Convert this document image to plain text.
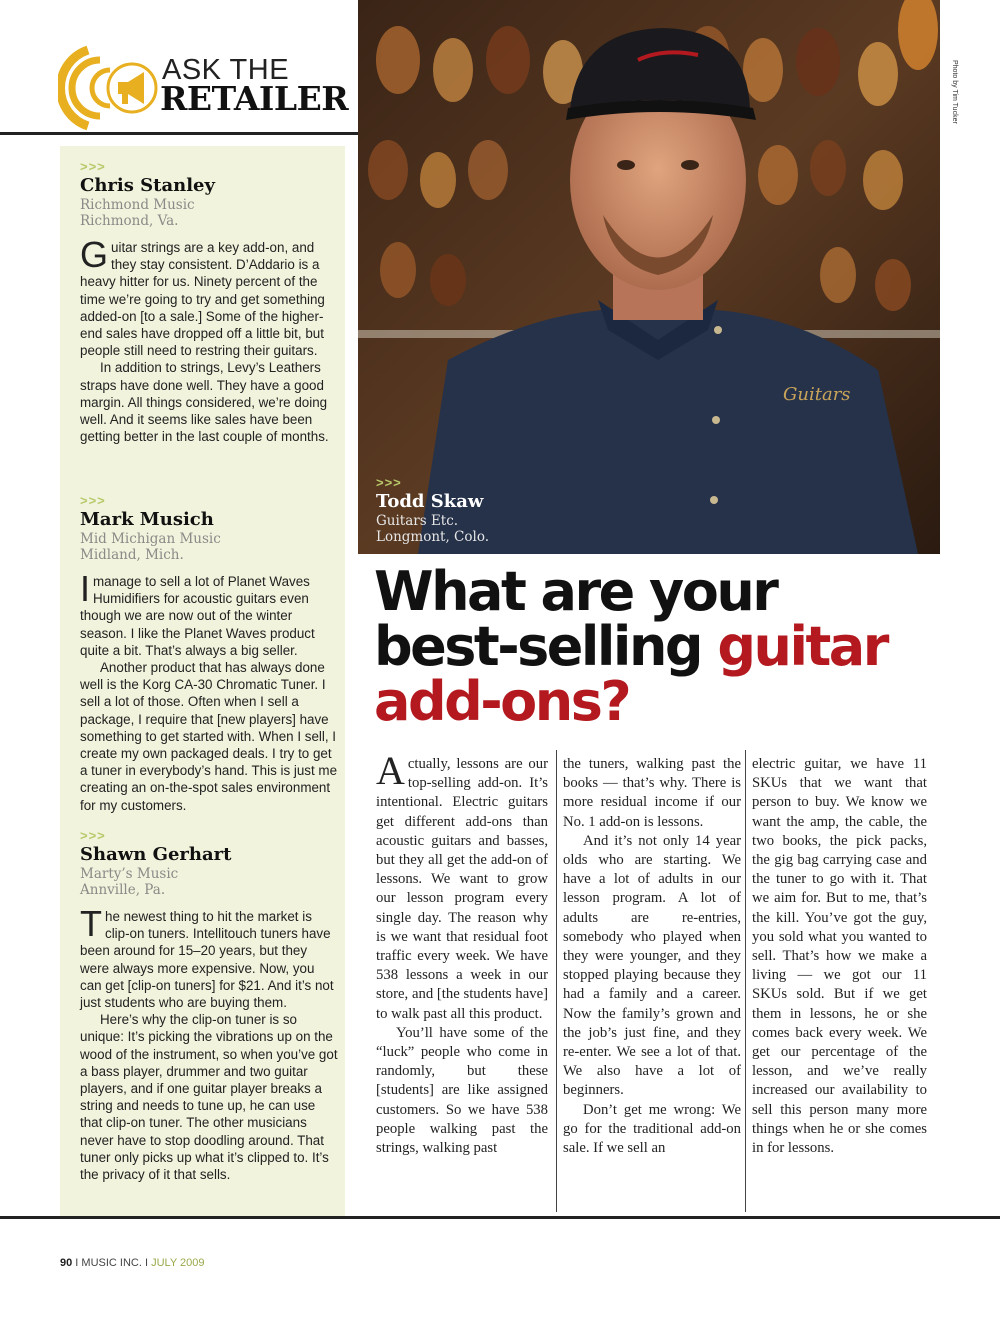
ASK THE
RETAILER
>>>
Chris Stanley
Richmond Music
Richmond, Va.

Guitar strings are a key add-on, and they stay consistent. D’Addario is a heavy hitter for us. Ninety percent of the time we’re going to try and get something added-on [to a sale.] Some of the higher-end sales have dropped off a little bit, but people still need to restring their guitars.

In addition to strings, Levy’s Leathers straps have done well. They have a good margin. All things considered, we’re doing well. And it seems like sales have been getting better in the last couple of months.

>>>
Mark Musich
Mid Michigan Music
Midland, Mich.

Imanage to sell a lot of Planet Waves Humidifiers for acoustic guitars even though we are now out of the winter season. I like the Planet Waves product quite a bit. That’s always a big seller.

Another product that has always done well is the Korg CA-30 Chromatic Tuner. I sell a lot of those. Often when I sell a package, I require that [new players] have something to get started with. When I sell, I create my own packaged deals. I try to get a tuner in everybody’s hand. This is just me creating an on-the-spot sales environment for my customers.

>>>
Shawn Gerhart
Marty’s Music
Annville, Pa.

The newest thing to hit the market is clip-on tuners. Intellitouch tuners have been around for 15–20 years, but they were always more expensive. Now, you can get [clip-on tuners] for $21. And it’s not just students who are buying them.

Here’s why the clip-on tuner is so unique: It’s picking the vibrations up on the wood of the instrument, so when you’ve got a bass player, drummer and two guitar players, and if one guitar player breaks a string and needs to tune up, he can use that clip-on tuner. The other musicians never have to stop doodling around. That tuner only picks up what it’s clipped to. It’s the privacy of it that sells.

Guitars
Photo by Tim Tucker
>>>
Todd Skaw
Guitars Etc.
Longmont, Colo.
What are your
best-selling guitar
add-ons?

Actually, lessons are our top-selling add-on. It’s intentional. Electric guitars get different add-ons than acoustic guitars and basses, but they all get the add-on of lessons. We want to grow our lesson program every single day. The reason why is we want that residual foot traffic every week. We have 538 lessons a week in our store, and [the students have] to walk past all this product.

You’ll have some of the “luck” people who come in randomly, but these [students] are like assigned customers. So we have 538 people walking past the strings, walking past

the tuners, walking past the books — that’s why. There is more residual income if our No. 1 add-on is lessons.

And it’s not only 14 year olds who are starting. We have a lot of adults in our lesson program. A lot of adults are re-entries, somebody who played when they were younger, and they stopped playing because they had a family and a career. Now the family’s grown and the job’s just fine, and they re-enter. We see a lot of that. We also have a lot of beginners.

Don’t get me wrong: We go for the traditional add-on sale. If we sell an

electric guitar, we have 11 SKUs that we want that person to buy. We know we want the amp, the cable, the two books, the pick packs, the gig bag carrying case and the tuner to go with it. That we aim for. But to me, that’s the kill. You’ve got the guy, you sold what you wanted to sell. That’s how we make a living — we got our 11 SKUs sold. But if we get them in lessons, he or she comes back every week. We get our percentage of the lesson, and we’ve really increased our availability to sell this person many more things when he or she comes in for lessons.

90 I MUSIC INC. I JULY 2009
